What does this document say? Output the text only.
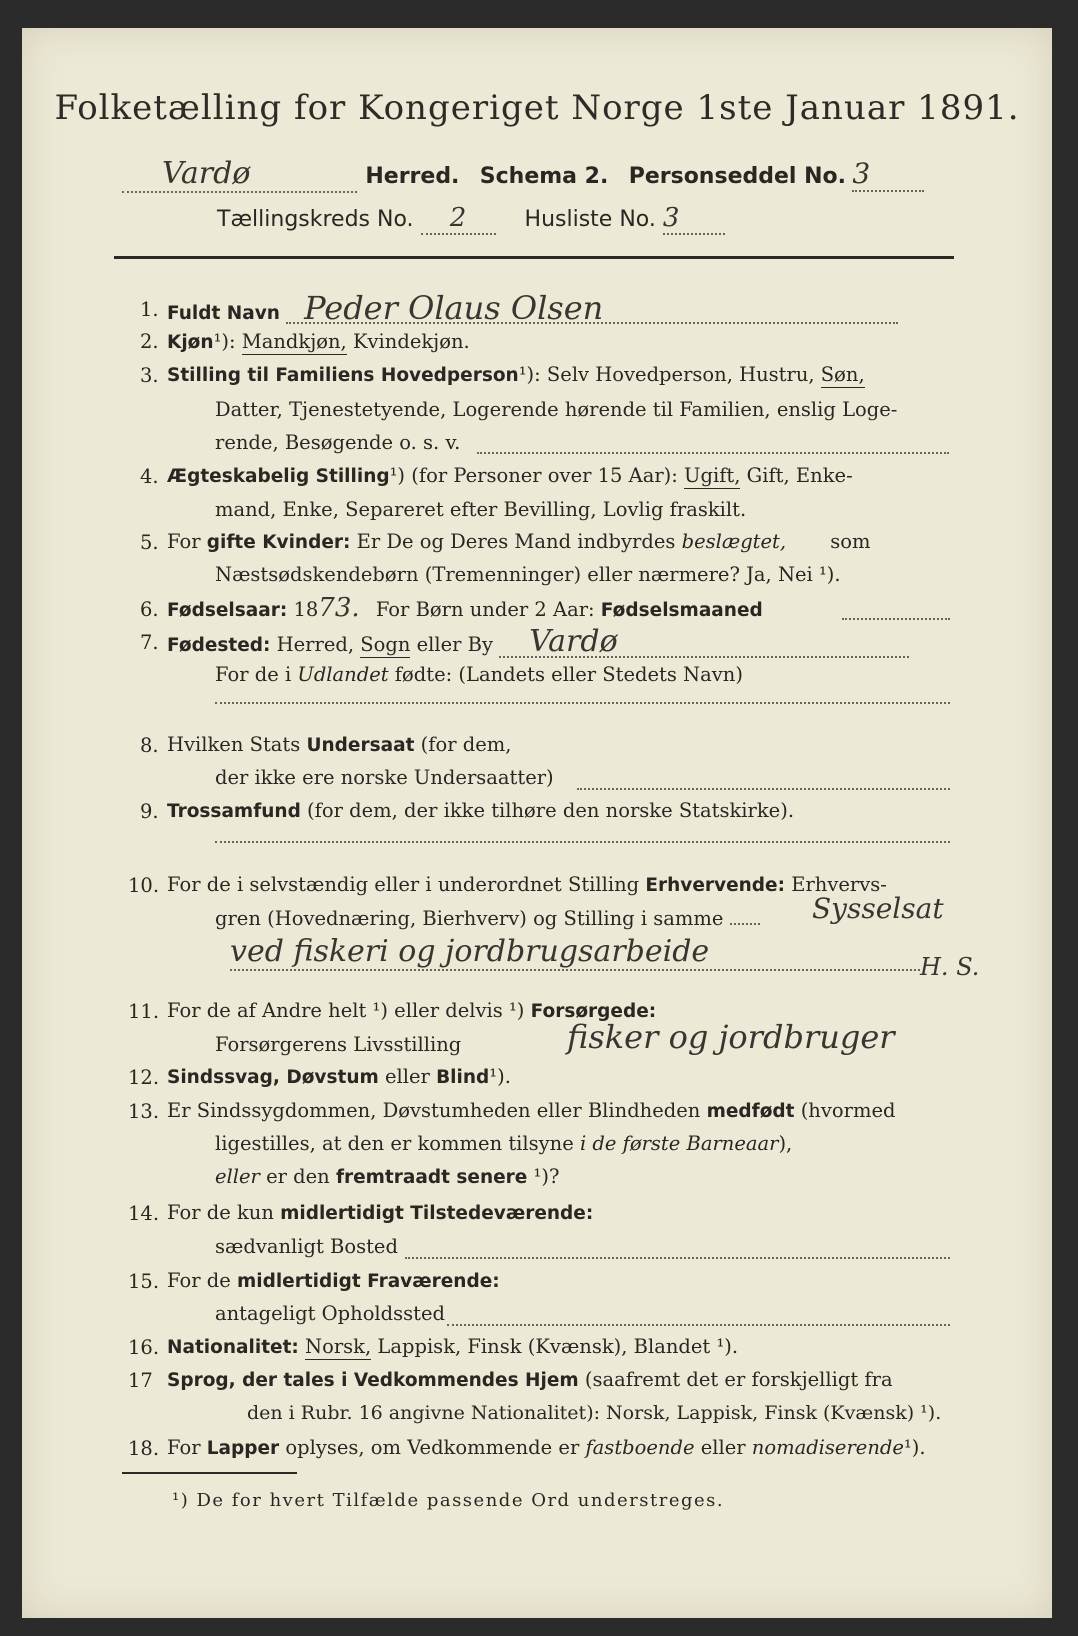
Folketælling for Kongeriget Norge 1ste Januar 1891.
Vardø	Herred. Schema 2. Personseddel No. 3
Tællingskreds No. 2	Husliste No. 3
1. Fuldt Navn Peder Olaus Olsen
2. Kjøn¹): Mandkjøn, Kvindekjøn.
3. Stilling til Familiens Hovedperson¹): Selv Hovedperson, Hustru, Søn,
Datter, Tjenestetyende, Logerende hørende til Familien, enslig Loge-
rende, Besøgende o. s. v.
4. Ægteskabelig Stilling¹) (for Personer over 15 Aar): Ugift, Gift, Enke-
mand, Enke, Separeret efter Bevilling, Lovlig fraskilt.
5. For gifte Kvinder: Er De og Deres Mand indbyrdes beslægtet, som
Næstsødskendebørn (Tremenninger) eller nærmere? Ja, Nei ¹).
6. Fødselsaar: 1873. For Børn under 2 Aar: Fødselsmaaned
7. Fødested: Herred, Sogn eller By Vardø
For de i Udlandet fødte: (Landets eller Stedets Navn)
8. Hvilken Stats Undersaat (for dem,
der ikke ere norske Undersaatter)
9. Trossamfund (for dem, der ikke tilhøre den norske Statskirke).
10. For de i selvstændig eller i underordnet Stilling Erhvervende: Erhvervs-
gren (Hovednæring, Bierhverv) og Stilling i samme	Sysselsat
ved fiskeri og jordbrugsarbeide	H. S.
11. For de af Andre helt ¹) eller delvis ¹) Forsørgede:
Forsørgerens Livsstilling	fisker og jordbruger
12. Sindssvag, Døvstum eller Blind¹).
13. Er Sindssygdommen, Døvstumheden eller Blindheden medfødt (hvormed
ligestilles, at den er kommen tilsyne i de første Barneaar),
eller er den fremtraadt senere ¹)?
14. For de kun midlertidigt Tilstedeværende:
sædvanligt Bosted
15. For de midlertidigt Fraværende:
antageligt Opholdssted
16. Nationalitet: Norsk, Lappisk, Finsk (Kvænsk), Blandet ¹).
17 Sprog, der tales i Vedkommendes Hjem (saafremt det er forskjelligt fra
den i Rubr. 16 angivne Nationalitet): Norsk, Lappisk, Finsk (Kvænsk) ¹).
18. For Lapper oplyses, om Vedkommende er fastboende eller nomadiserende¹).
¹) De for hvert Tilfælde passende Ord understreges.
